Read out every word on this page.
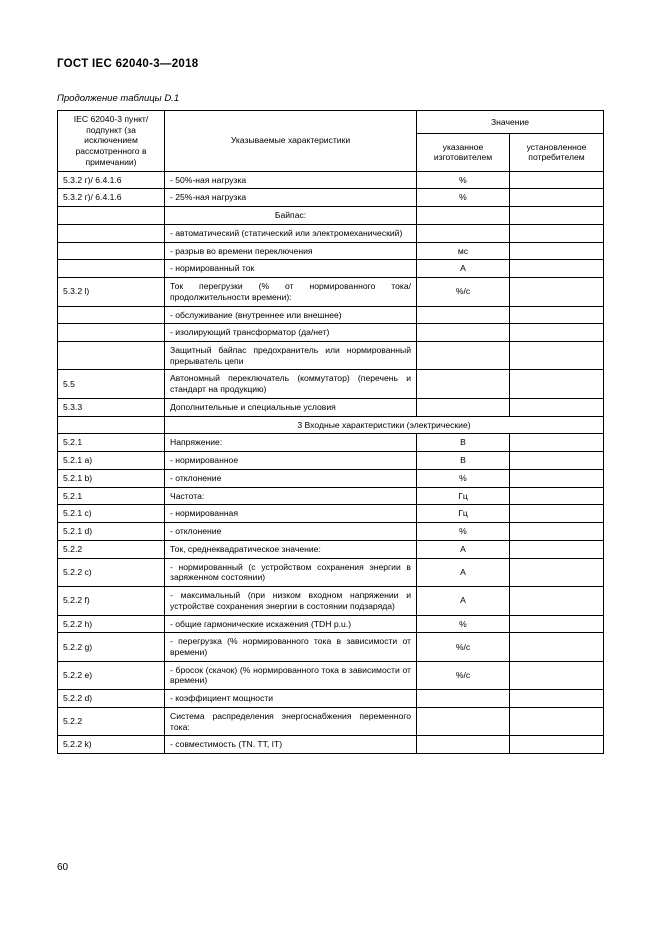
ГОСТ IEC 62040-3—2018
Продолжение таблицы D.1
IEC 62040-3 пункт/подпункт (за исключением рассмотренного в примечании)	Указываемые характеристики	Значение	
		указанное изготовителем	установленное потребителем
5.3.2 г)/ 6.4.1.6	- 50%-ная нагрузка	%	
5.3.2 г)/ 6.4.1.6	- 25%-ная нагрузка	%	
	Байпас:		
	- автоматический (статический или электромеханический)		
	- разрыв во времени переключения	мс	
	- нормированный ток	А	
5.3.2 l)	Ток перегрузки (% от нормированного тока/продолжительности времени):	%/с	
	- обслуживание (внутреннее или внешнее)		
	- изолирующий трансформатор (да/нет)		
	Защитный байпас предохранитель или нормированный прерыватель цепи		
5.5	Автономный переключатель (коммутатор) (перечень и стандарт на продукцию)		
5.3.3	Дополнительные и специальные условия		
	3 Входные характеристики (электрические)		
5.2.1	Напряжение:	В	
5.2.1 a)	- нормированное	В	
5.2.1 b)	- отклонение	%	
5.2.1	Частота:	Гц	
5.2.1 c)	- нормированная	Гц	
5.2.1 d)	- отклонение	%	
5.2.2	Ток, среднеквадратическое значение:	А	
5.2.2 c)	- нормированный (с устройством сохранения энергии в заряженном состоянии)	А	
5.2.2 f)	- максимальный (при низком входном напряжении и устройстве сохранения энергии в состоянии подзаряда)	А	
5.2.2 h)	- общие гармонические искажения (TDH p.u.)	%	
5.2.2 g)	- перегрузка (% нормированного тока в зависимости от времени)	%/с	
5.2.2 e)	- бросок (скачок) (% нормированного тока в зависимости от времени)	%/с	
5.2.2 d)	- коэффициент мощности		
5.2.2	Система распределения энергоснабжения переменного тока:		
5.2.2 k)	- совместимость (TN. TT, IT)		
60
